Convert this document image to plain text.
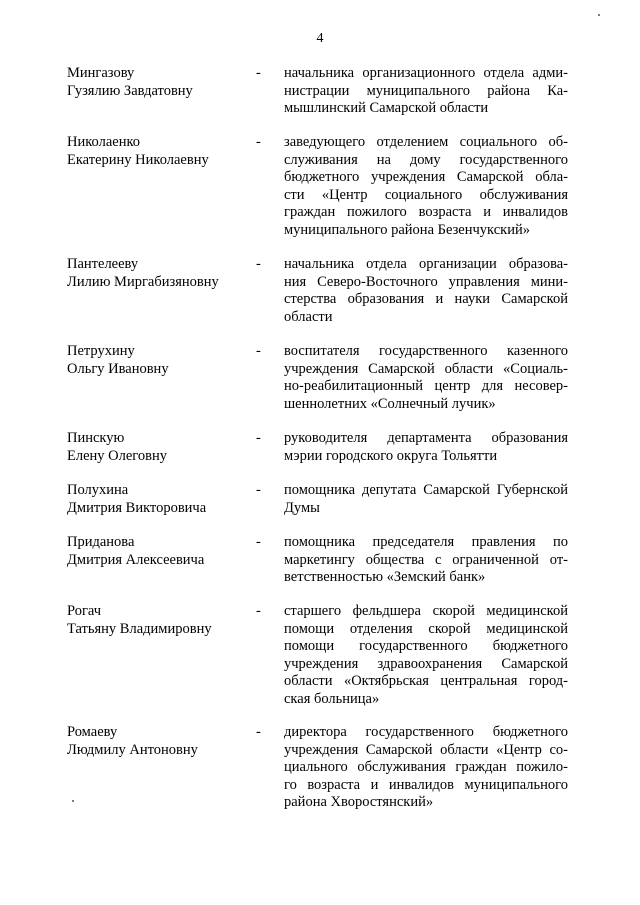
4
Мингазову
Гузялию Завдатовну
- начальника организационного отдела адми-
нистрации муниципального района Ка-
мышлинский Самарской области
Николаенко
Екатерину Николаевну
- заведующего отделением социального об-
служивания на дому государственного
бюджетного учреждения Самарской обла-
сти «Центр социального обслуживания
граждан пожилого возраста и инвалидов
муниципального района Безенчукский»
Пантелееву
Лилию Миргабизяновну
- начальника отдела организации образова-
ния Северо-Восточного управления мини-
стерства образования и науки Самарской
области
Петрухину
Ольгу Ивановну
- воспитателя государственного казенного
учреждения Самарской области «Социаль-
но-реабилитационный центр для несовер-
шеннолетних «Солнечный лучик»
Пинскую
Елену Олеговну
- руководителя департамента образования
мэрии городского округа Тольятти
Полухина
Дмитрия Викторовича
- помощника депутата Самарской Губернской
Думы
Приданова
Дмитрия Алексеевича
- помощника председателя правления по
маркетингу общества с ограниченной от-
ветственностью «Земский банк»
Рогач
Татьяну Владимировну
- старшего фельдшера скорой медицинской
помощи отделения скорой медицинской
помощи государственного бюджетного
учреждения здравоохранения Самарской
области «Октябрьская центральная город-
ская больница»
Ромаеву
Людмилу Антоновну
- директора государственного бюджетного
учреждения Самарской области «Центр со-
циального обслуживания граждан пожило-
го возраста и инвалидов муниципального
района Хворостянский»
